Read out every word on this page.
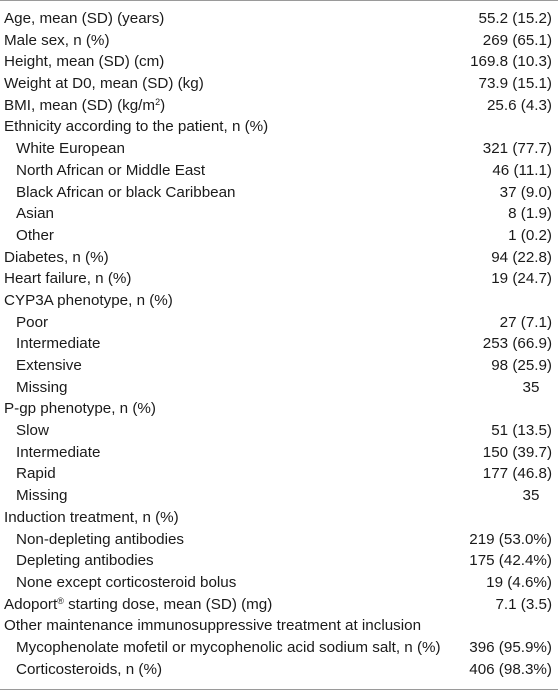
Age, mean (SD) (years)	55.2 (15.2)
Male sex, n (%)	269 (65.1)
Height, mean (SD) (cm)	169.8 (10.3)
Weight at D0, mean (SD) (kg)	73.9 (15.1)
BMI, mean (SD) $(kg/m^2)$	25.6 (4.3)
Ethnicity according to the patient, n (%)
White European	321 (77.7)
North African or Middle East	46 (11.1)
Black African or black Caribbean	37 (9.0)
Asian	8 (1.9)
Other	1 (0.2)
Diabetes, n (%)	94 (22.8)
Heart failure, n (%)	19 (24.7)
CYP3A phenotype, n (%)
Poor	27 (7.1)
Intermediate	253 (66.9)
Extensive	98 (25.9)
Missing	35
P-gp phenotype, n (%)
Slow	51 (13.5)
Intermediate	150 (39.7)
Rapid	177 (46.8)
Missing	35
Induction treatment, n (%)
Non-depleting antibodies	219 (53.0%)
Depleting antibodies	175 (42.4%)
None except corticosteroid bolus	19 (4.6%)
Adoport® starting dose, mean (SD) (mg)	7.1 (3.5)
Other maintenance immunosuppressive treatment at inclusion
Mycophenolate mofetil or mycophenolic acid sodium salt, n (%)	396 (95.9%)
Corticosteroids, n (%)	406 (98.3%)
